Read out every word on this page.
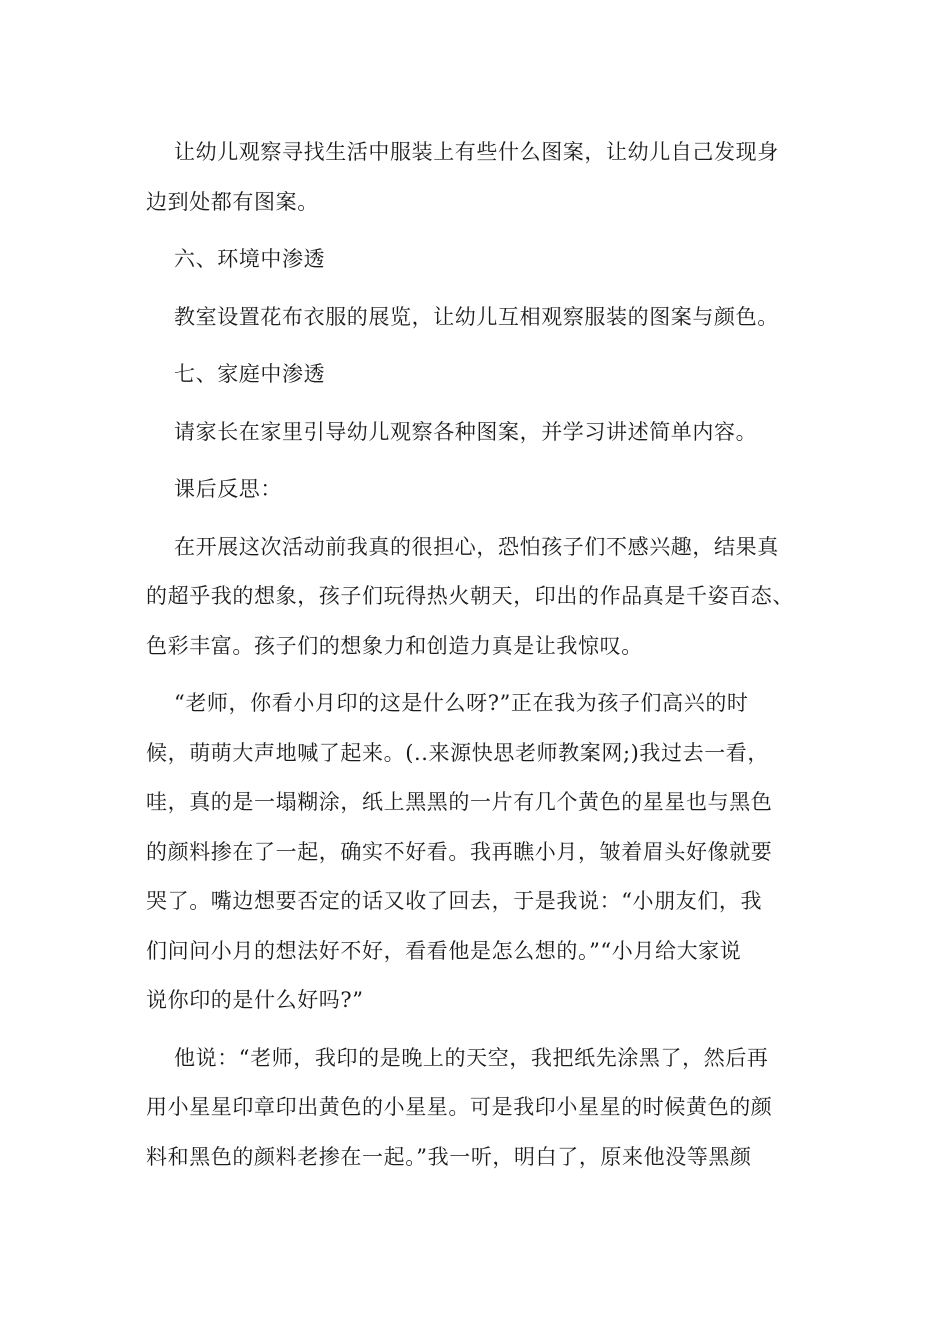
让幼儿观察寻找生活中服装上有些什么图案，让幼儿自己发现身
边到处都有图案。
六、环境中渗透
教室设置花布衣服的展览，让幼儿互相观察服装的图案与颜色。
七、家庭中渗透
请家长在家里引导幼儿观察各种图案，并学习讲述简单内容。
课后反思：
在开展这次活动前我真的很担心，恐怕孩子们不感兴趣，结果真
的超乎我的想象，孩子们玩得热火朝天，印出的作品真是千姿百态、
色彩丰富。孩子们的想象力和创造力真是让我惊叹。
“老师，你看小月印的这是什么呀?”正在我为孩子们高兴的时
候，萌萌大声地喊了起来。(..来源快思老师教案网;)我过去一看，
哇，真的是一塌糊涂，纸上黑黑的一片有几个黄色的星星也与黑色
的颜料掺在了一起，确实不好看。我再瞧小月，皱着眉头好像就要
哭了。嘴边想要否定的话又收了回去，于是我说：“小朋友们，我
们问问小月的想法好不好，看看他是怎么想的。”“小月给大家说
说你印的是什么好吗?”
他说：“老师，我印的是晚上的天空，我把纸先涂黑了，然后再
用小星星印章印出黄色的小星星。可是我印小星星的时候黄色的颜
料和黑色的颜料老掺在一起。”我一听，明白了，原来他没等黑颜
